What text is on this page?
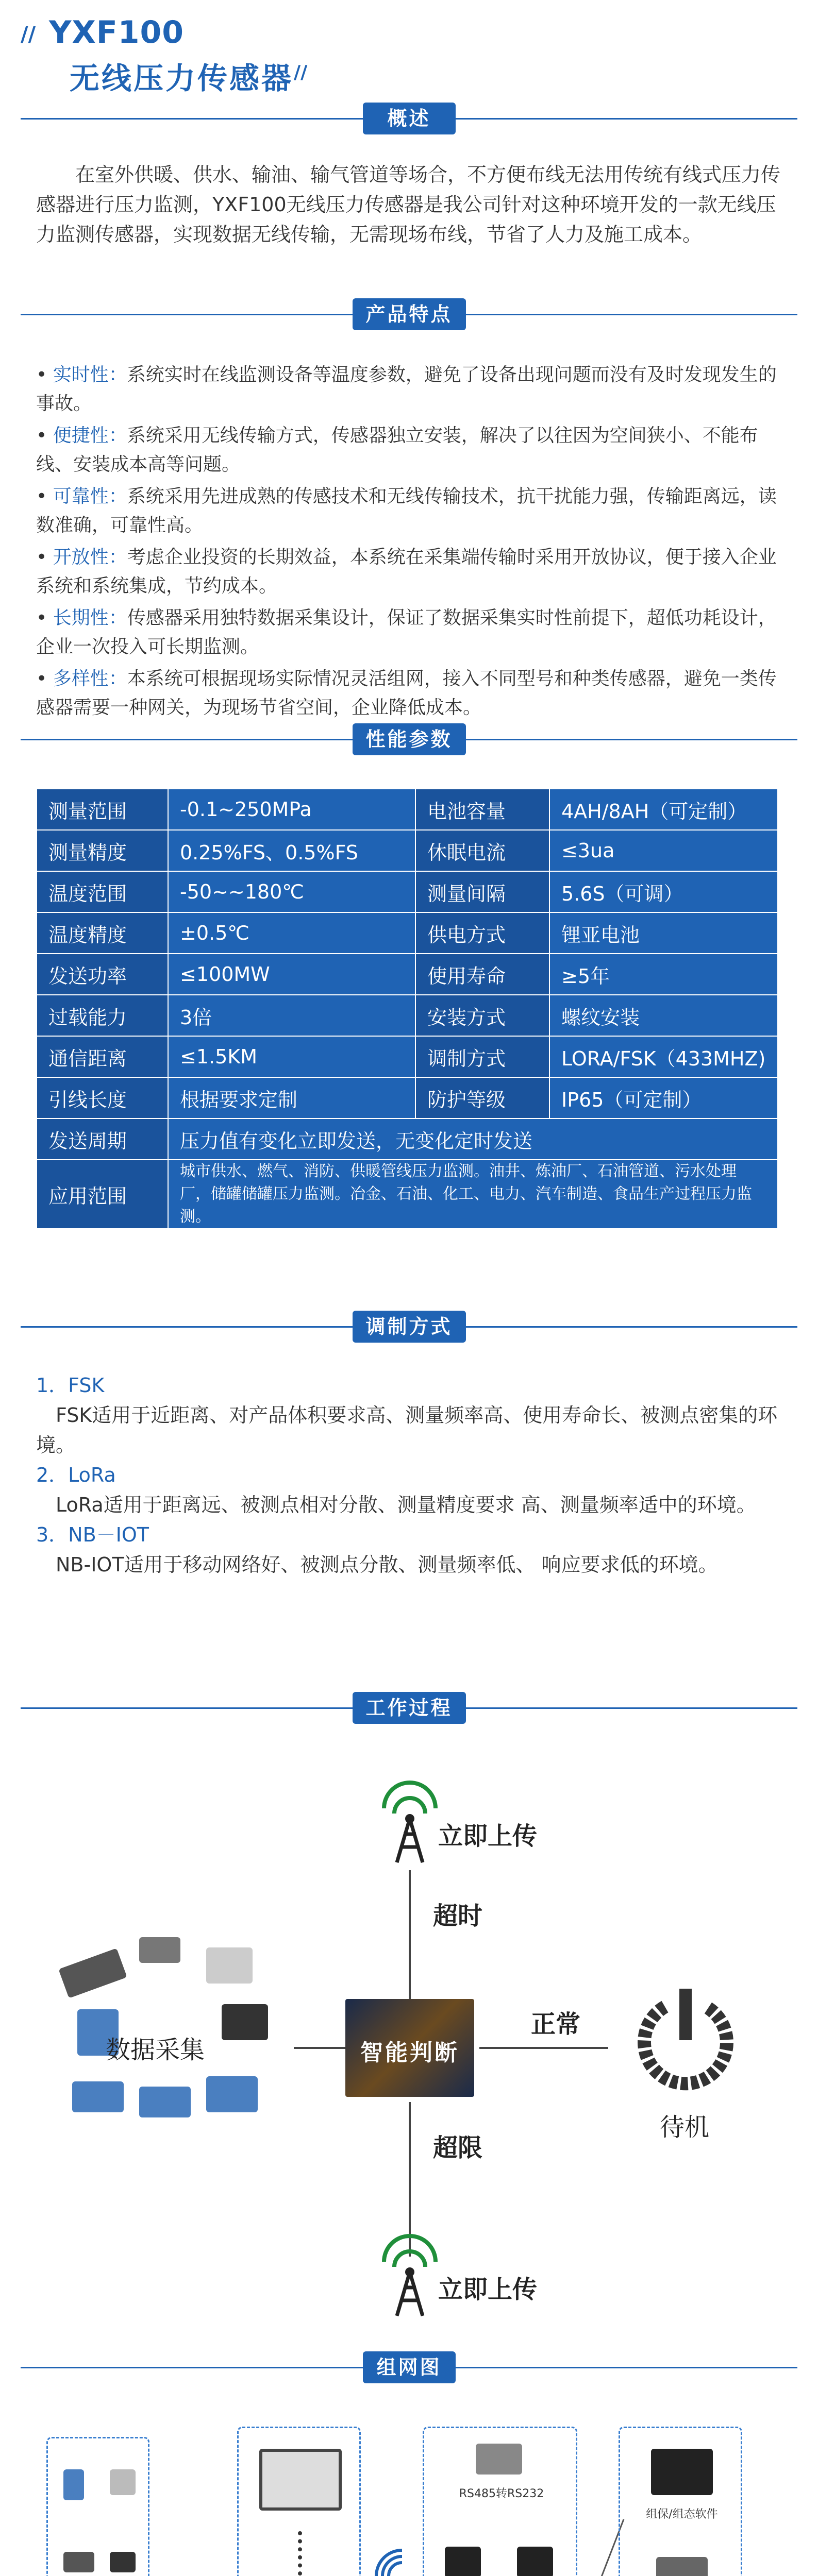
// YXF100
无线压力传感器 //
概述
在室外供暖、供水、输油、输气管道等场合，不方便布线无法用传统有线式压力传感器进行压力监测，YXF100无线压力传感器是我公司针对这种环境开发的一款无线压力监测传感器，实现数据无线传输，无需现场布线，节省了人力及施工成本。
产品特点
• 实时性：系统实时在线监测设备等温度参数，避免了设备出现问题而没有及时发现发生的事故。
• 便捷性：系统采用无线传输方式，传感器独立安装，解决了以往因为空间狭小、不能布线、安装成本高等问题。
• 可靠性：系统采用先进成熟的传感技术和无线传输技术，抗干扰能力强，传输距离远，读数准确，可靠性高。
• 开放性：考虑企业投资的长期效益，本系统在采集端传输时采用开放协议，便于接入企业系统和系统集成，节约成本。
• 长期性：传感器采用独特数据采集设计，保证了数据采集实时性前提下，超低功耗设计，企业一次投入可长期监测。
• 多样性：本系统可根据现场实际情况灵活组网，接入不同型号和种类传感器，避免一类传感器需要一种网关，为现场节省空间，企业降低成本。
性能参数
测量范围	-0.1~250MPa	电池容量	4AH/8AH（可定制）
测量精度	0.25%FS、0.5%FS	休眠电流	≤3ua
温度范围	-50~~180℃	测量间隔	5.6S（可调）
温度精度	±0.5℃	供电方式	锂亚电池
发送功率	≤100MW	使用寿命	≥5年
过载能力	3倍	安装方式	螺纹安装
通信距离	≤1.5KM	调制方式	LORA/FSK（433MHZ)
引线长度	根据要求定制	防护等级	IP65（可定制）
发送周期	压力值有变化立即发送，无变化定时发送		
应用范围	城市供水、燃气、消防、供暖管线压力监测。油井、炼油厂、石油管道、污水处理厂，储罐储罐压力监测。冶金、石油、化工、电力、汽车制造、食品生产过程压力监测。		
调制方式
1．FSK
FSK适用于近距离、对产品体积要求高、测量频率高、使用寿命长、被测点密集的环境。
2．LoRa
LoRa适用于距离远、被测点相对分散、测量精度要求 高、测量频率适中的环境。
3．NB－IOT
NB-IOT适用于移动网络好、被测点分散、测量频率低、 响应要求低的环境。
工作过程
立即上传
超时
数据采集	智能判断
正常
待机
超限
立即上传
组网图
RS485转RS232
组保/组态软件
